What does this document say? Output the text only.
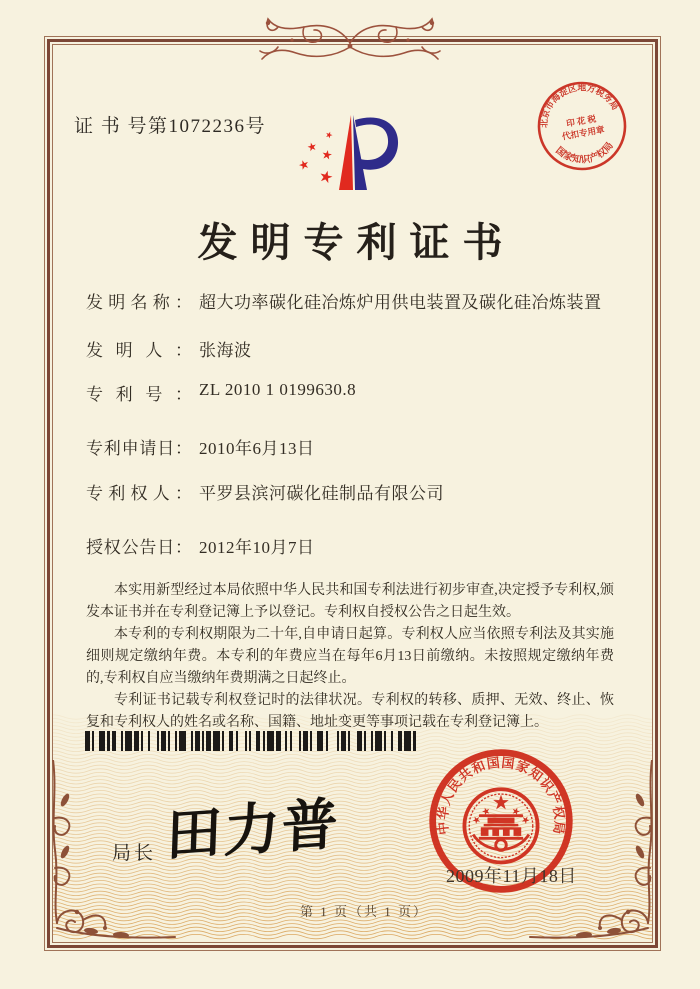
北京市海淀区地方税务局
国家知识产权局
印 花 税
代扣专用章
证 书 号第1072236号
发明专利证书
发明名称： 超大功率碳化硅冶炼炉用供电装置及碳化硅冶炼装置
发明人： 张海波
专利号： ZL 2010 1 0199630.8
专利申请日： 2010年6月13日
专利权人： 平罗县滨河碳化硅制品有限公司
授权公告日： 2012年10月7日

本实用新型经过本局依照中华人民共和国专利法进行初步审查,决定授予专利权,颁发本证书并在专利登记簿上予以登记。专利权自授权公告之日起生效。

本专利的专利权期限为二十年,自申请日起算。专利权人应当依照专利法及其实施细则规定缴纳年费。本专利的年费应当在每年6月13日前缴纳。未按照规定缴纳年费的,专利权自应当缴纳年费期满之日起终止。

专利证书记载专利权登记时的法律状况。专利权的转移、质押、无效、终止、恢复和专利权人的姓名或名称、国籍、地址变更等事项记载在专利登记簿上。

局长 田力普	中华人民共和国国家知识产权局
2009年11月18日
第 1 页（共 1 页）
